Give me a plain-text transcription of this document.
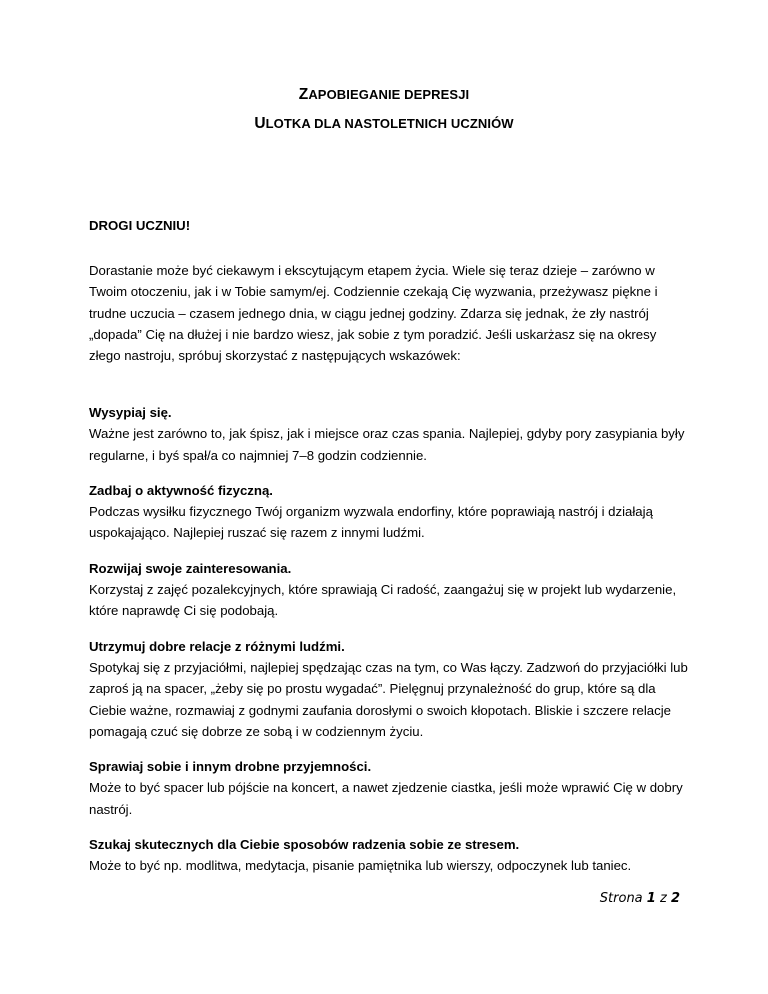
ZAPOBIEGANIE DEPRESJI
ULOTKA DLA NASTOLETNICH UCZNIÓW
DROGI UCZNIU!
Dorastanie może być ciekawym i ekscytującym etapem życia. Wiele się teraz dzieje – zarówno w Twoim otoczeniu, jak i w Tobie samym/ej. Codziennie czekają Cię wyzwania, przeżywasz piękne i trudne uczucia – czasem jednego dnia, w ciągu jednej godziny. Zdarza się jednak, że zły nastrój „dopada” Cię na dłużej i nie bardzo wiesz, jak sobie z tym poradzić. Jeśli uskarżasz się na okresy złego nastroju, spróbuj skorzystać z następujących wskazówek:
Wysypiaj się.
Ważne jest zarówno to, jak śpisz, jak i miejsce oraz czas spania. Najlepiej, gdyby pory zasypiania były regularne, i byś spał/a co najmniej 7–8 godzin codziennie.
Zadbaj o aktywność fizyczną.
Podczas wysiłku fizycznego Twój organizm wyzwala endorfiny, które poprawiają nastrój i działają uspokajająco. Najlepiej ruszać się razem z innymi ludźmi.
Rozwijaj swoje zainteresowania.
Korzystaj z zajęć pozalekcyjnych, które sprawiają Ci radość, zaangażuj się w projekt lub wydarzenie, które naprawdę Ci się podobają.
Utrzymuj dobre relacje z różnymi ludźmi.
Spotykaj się z przyjaciółmi, najlepiej spędzając czas na tym, co Was łączy. Zadzwoń do przyjaciółki lub zaproś ją na spacer, „żeby się po prostu wygadać”. Pielęgnuj przynależność do grup, które są dla Ciebie ważne, rozmawiaj z godnymi zaufania dorosłymi o swoich kłopotach. Bliskie i szczere relacje pomagają czuć się dobrze ze sobą i w codziennym życiu.
Sprawiaj sobie i innym drobne przyjemności.
Może to być spacer lub pójście na koncert, a nawet zjedzenie ciastka, jeśli może wprawić Cię w dobry nastrój.
Szukaj skutecznych dla Ciebie sposobów radzenia sobie ze stresem.
Może to być np. modlitwa, medytacja, pisanie pamiętnika lub wierszy, odpoczynek lub taniec.
Strona 1 z 2
